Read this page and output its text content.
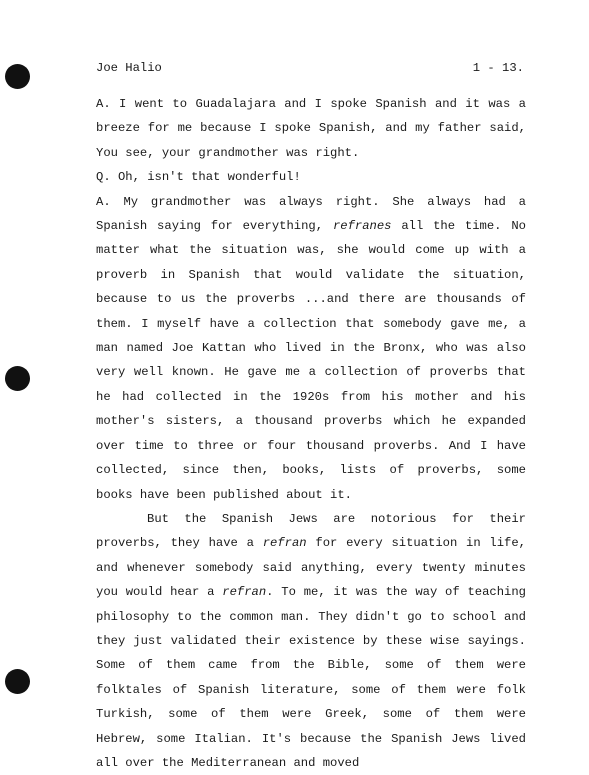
Joe Halio	1 - 13.

A. I went to Guadalajara and I spoke Spanish and it was a breeze for me because I spoke Spanish, and my father said, You see, your grandmother was right.

Q. Oh, isn't that wonderful!

A. My grandmother was always right. She always had a Spanish saying for everything, refranes all the time. No matter what the situation was, she would come up with a proverb in Spanish that would validate the situation, because to us the proverbs ...and there are thousands of them. I myself have a collection that somebody gave me, a man named Joe Kattan who lived in the Bronx, who was also very well known. He gave me a collection of proverbs that he had collected in the 1920s from his mother and his mother's sisters, a thousand proverbs which he expanded over time to three or four thousand proverbs. And I have collected, since then, books, lists of proverbs, some books have been published about it.

But the Spanish Jews are notorious for their proverbs, they have a refran for every situation in life, and whenever somebody said anything, every twenty minutes you would hear a refran. To me, it was the way of teaching philosophy to the common man. They didn't go to school and they just validated their existence by these wise sayings. Some of them came from the Bible, some of them were folktales of Spanish literature, some of them were folk Turkish, some of them were Greek, some of them were Hebrew, some Italian. It's because the Spanish Jews lived all over the Mediterranean and moved
